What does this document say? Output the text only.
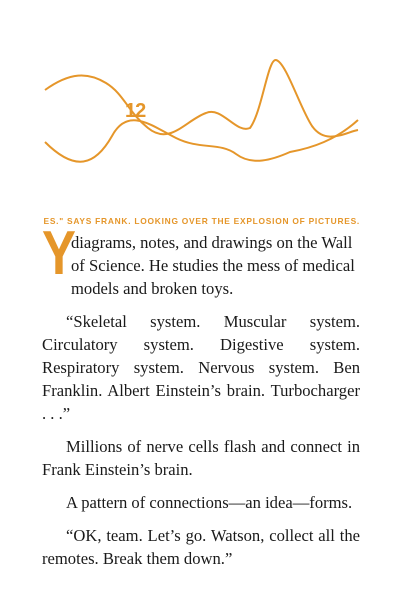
12
ES." SAYS FRANK. LOOKING OVER THE EXPLOSION OF PICTURES.
Y
diagrams, notes, and drawings on the Wall
of Science. He studies the mess of medical
models and broken toys.

“Skeletal system. Muscular system. Circulatory system. Digestive system. Respiratory system. Nervous system. Ben Franklin. Albert Einstein’s brain. Turbocharger . . .”

Millions of nerve cells flash and connect in Frank Einstein’s brain.

A pattern of connections—an idea—forms.

“OK, team. Let’s go. Watson, collect all the remotes. Break them down.”
